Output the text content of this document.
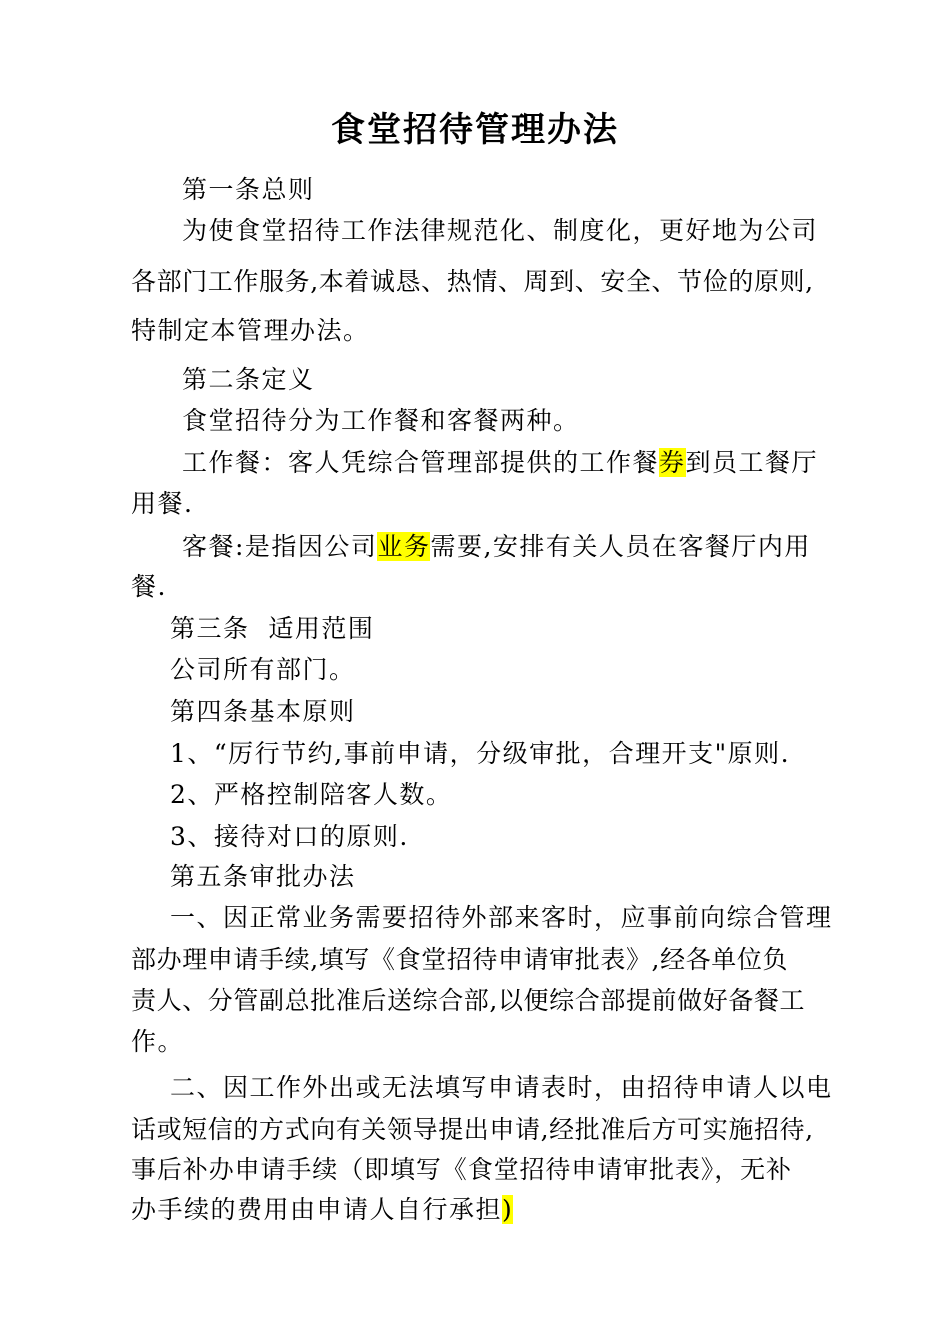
食堂招待管理办法
第一条总则
为使食堂招待工作法律规范化、制度化，更好地为公司
各部门工作服务,本着诚恳、热情、周到、安全、节俭的原则,
特制定本管理办法。
第二条定义
食堂招待分为工作餐和客餐两种。
工作餐：客人凭综合管理部提供的工作餐券到员工餐厅
用餐.
客餐:是指因公司业务需要,安排有关人员在客餐厅内用
餐.
第三条  适用范围
公司所有部门。
第四条基本原则
1、“厉行节约,事前申请，分级审批，合理开支"原则.
2、严格控制陪客人数。
3、接待对口的原则.
第五条审批办法
一、因正常业务需要招待外部来客时，应事前向综合管理
部办理申请手续,填写《食堂招待申请审批表》,经各单位负
责人、分管副总批准后送综合部,以便综合部提前做好备餐工
作。
二、因工作外出或无法填写申请表时，由招待申请人以电
话或短信的方式向有关领导提出申请,经批准后方可实施招待,
事后补办申请手续（即填写《食堂招待申请审批表》，无补
办手续的费用由申请人自行承担)
